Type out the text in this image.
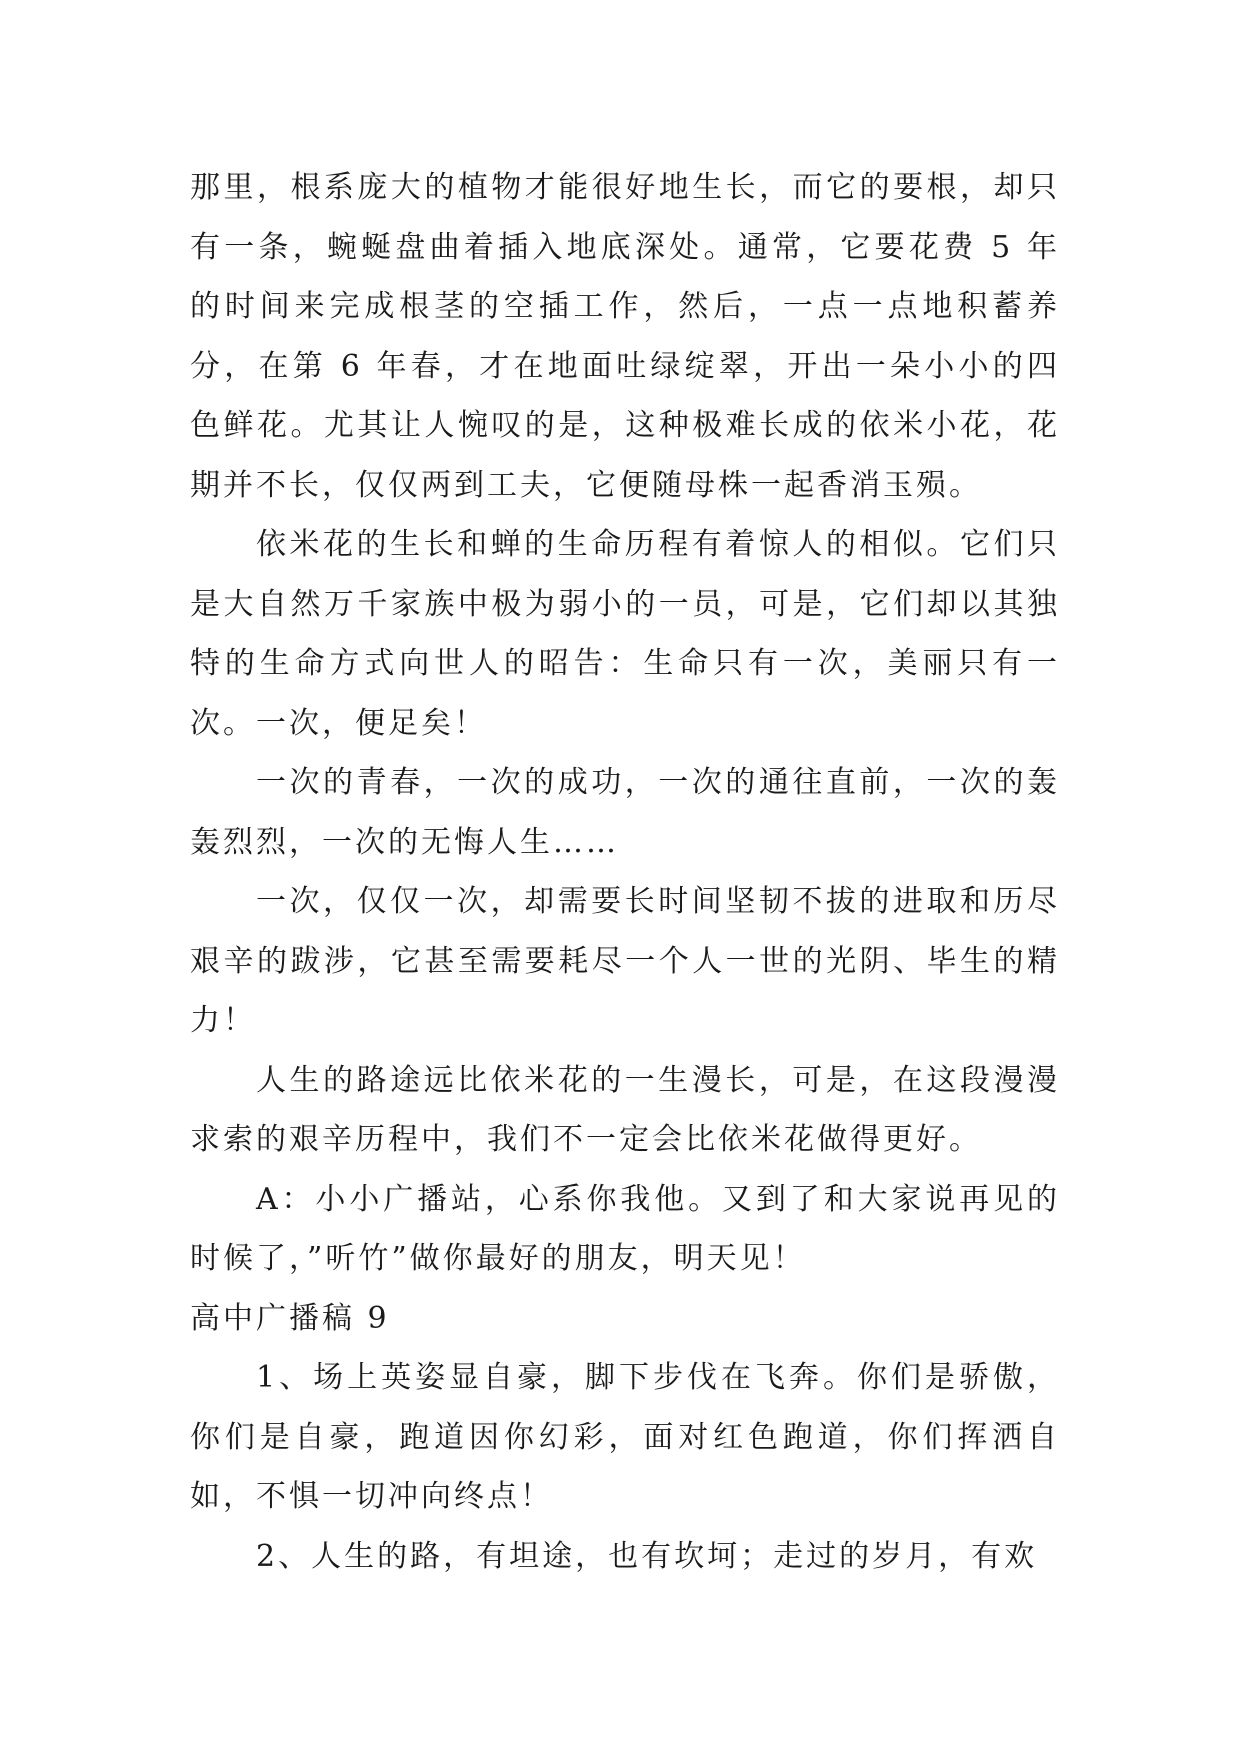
那里，根系庞大的植物才能很好地生长，而它的要根，却只有一条，蜿蜒盘曲着插入地底深处。通常，它要花费 5 年的时间来完成根茎的空插工作，然后，一点一点地积蓄养分，在第 6 年春，才在地面吐绿绽翠，开出一朵小小的四色鲜花。尤其让人惋叹的是，这种极难长成的依米小花，花期并不长，仅仅两到工夫，它便随母株一起香消玉殒。

依米花的生长和蝉的生命历程有着惊人的相似。它们只是大自然万千家族中极为弱小的一员，可是，它们却以其独特的生命方式向世人的昭告：生命只有一次，美丽只有一次。一次，便足矣！

一次的青春，一次的成功，一次的通往直前，一次的轰轰烈烈，一次的无悔人生……

一次，仅仅一次，却需要长时间坚韧不拔的进取和历尽艰辛的跋涉，它甚至需要耗尽一个人一世的光阴、毕生的精力！

人生的路途远比依米花的一生漫长，可是，在这段漫漫求索的艰辛历程中，我们不一定会比依米花做得更好。

A：小小广播站，心系你我他。又到了和大家说再见的时候了，”听竹”做你最好的朋友，明天见！

高中广播稿 9

1、场上英姿显自豪，脚下步伐在飞奔。你们是骄傲，你们是自豪，跑道因你幻彩，面对红色跑道，你们挥洒自如，不惧一切冲向终点！

2、人生的路，有坦途，也有坎坷；走过的岁月，有欢
